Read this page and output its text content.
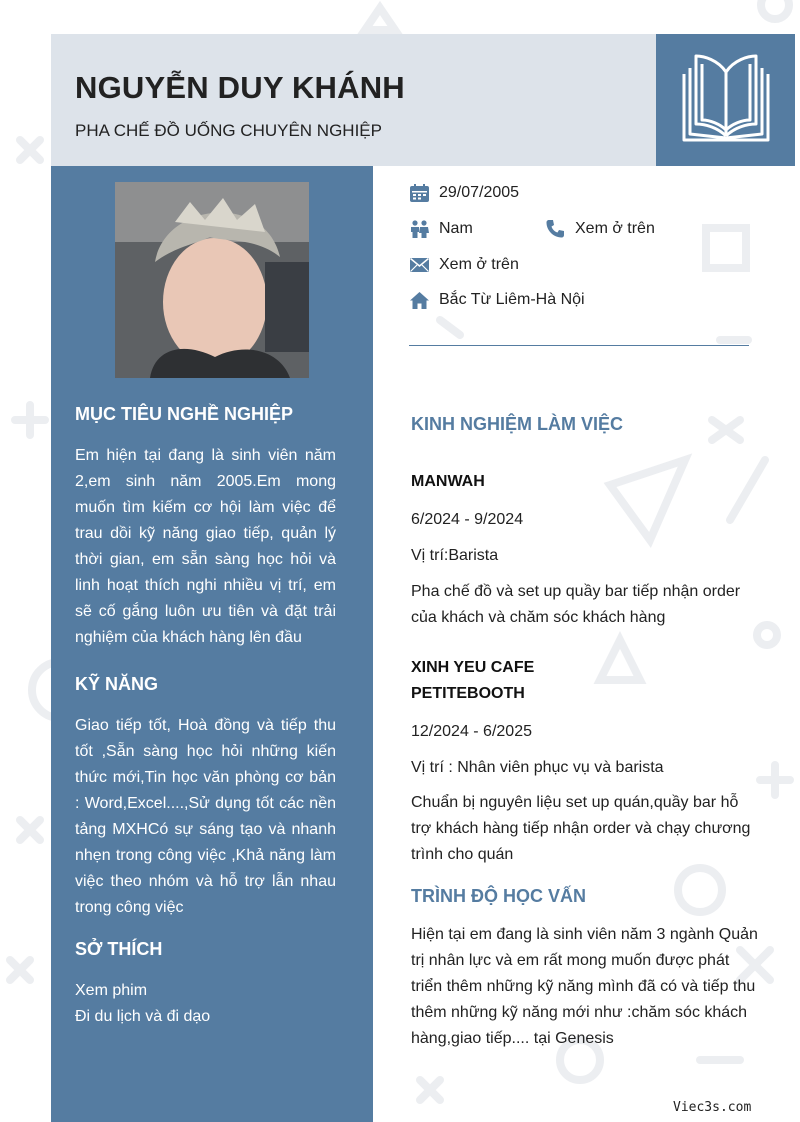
NGUYỄN DUY KHÁNH
PHA CHẾ ĐỒ UỐNG CHUYÊN NGHIỆP
MỤC TIÊU NGHỀ NGHIỆP

Em hiện tại đang là sinh viên năm 2,em sinh năm 2005.Em mong muốn tìm kiếm cơ hội làm việc để trau dồi kỹ năng giao tiếp, quản lý thời gian, em sẵn sàng học hỏi và linh hoạt thích nghi nhiều vị trí, em sẽ cố gắng luôn ưu tiên và đặt trải nghiệm của khách hàng lên đầu

KỸ NĂNG

Giao tiếp tốt, Hoà đồng và tiếp thu tốt ,Sẵn sàng học hỏi những kiến thức mới,Tin học văn phòng cơ bản : Word,Excel....,Sử dụng tốt các nền tảng MXHCó sự sáng tạo và nhanh nhẹn trong công việc ,Khả năng làm việc theo nhóm và hỗ trợ lẫn nhau trong công việc

SỞ THÍCH
Xem phim
Đi du lịch và đi dạo
29/07/2005
Nam	Xem ở trên
Xem ở trên
Bắc Từ Liêm-Hà Nội
KINH NGHIỆM LÀM VIỆC
MANWAH
6/2024 - 9/2024
Vị trí:Barista
Pha chế đồ và set up quầy bar tiếp nhận order của khách và chăm sóc khách hàng
XINH YEU CAFE
PETITEBOOTH
12/2024 - 6/2025
Vị trí : Nhân viên phục vụ và barista
Chuẩn bị nguyên liệu set up quán,quầy bar hỗ trợ khách hàng tiếp nhận order và chạy chương trình cho quán
TRÌNH ĐỘ HỌC VẤN
Hiện tại em đang là sinh viên năm 3 ngành Quản trị nhân lực và em rất mong muốn được phát triển thêm những kỹ năng mình đã có và tiếp thu thêm những kỹ năng mới như :chăm sóc khách hàng,giao tiếp.... tại Genesis
Viec3s.com
